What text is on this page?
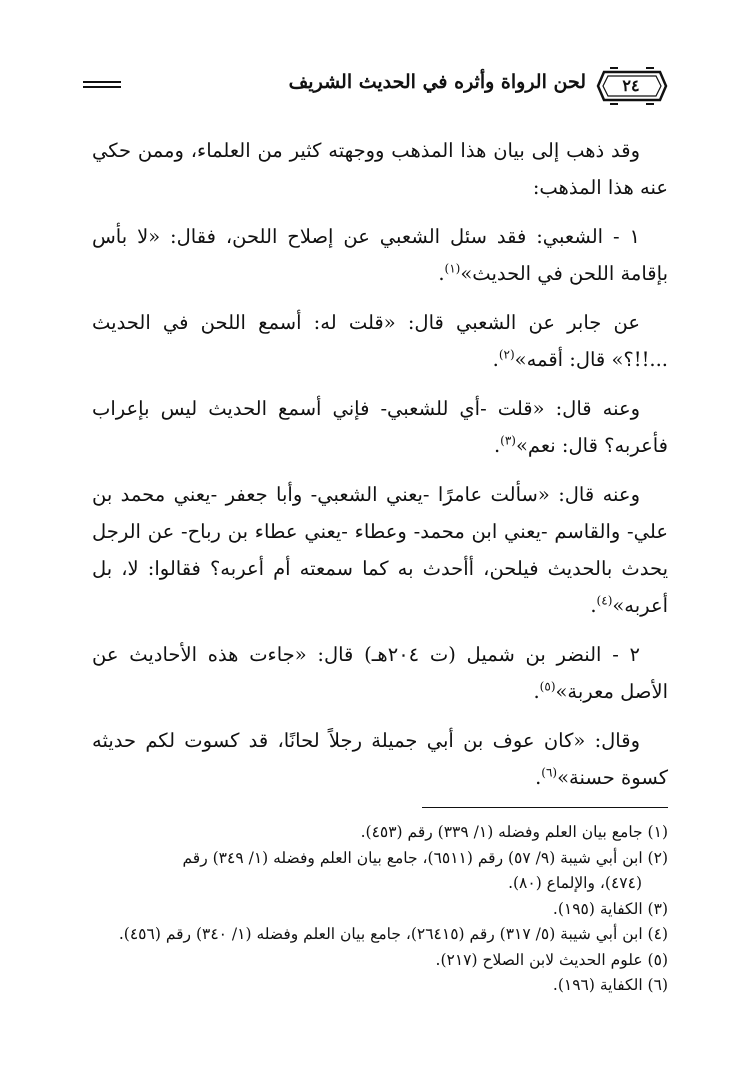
لحن الرواة وأثره في الحديث الشريف	٢٤

وقد ذهب إلى بيان هذا المذهب ووجهته كثير من العلماء، وممن حكي عنه هذا المذهب:

١ - الشعبي: فقد سئل الشعبي عن إصلاح اللحن، فقال: «لا بأس بإقامة اللحن في الحديث»$^{(١)}$.

عن جابر عن الشعبي قال: «قلت له: أسمع اللحن في الحديث ...!!؟» قال: أقمه»$^{(٢)}$.

وعنه قال: «قلت -أي للشعبي- فإني أسمع الحديث ليس بإعراب فأعربه؟ قال: نعم»$^{(٣)}$.

وعنه قال: «سألت عامرًا -يعني الشعبي- وأبا جعفر -يعني محمد بن علي- والقاسم -يعني ابن محمد- وعطاء -يعني عطاء بن رباح- عن الرجل يحدث بالحديث فيلحن، أأحدث به كما سمعته أم أعربه؟ فقالوا: لا، بل أعربه»$^{(٤)}$.

٢ - النضر بن شميل (ت ٢٠٤هـ) قال: «جاءت هذه الأحاديث عن الأصل معربة»$^{(٥)}$.

وقال: «كان عوف بن أبي جميلة رجلاً لحانًا، قد كسوت لكم حديثه كسوة حسنة»$^{(٦)}$.

(١) جامع بيان العلم وفضله (١/ ٣٣٩) رقم (٤٥٣).

(٢) ابن أبي شيبة (٩/ ٥٧) رقم (٦٥١١)، جامع بيان العلم وفضله (١/ ٣٤٩) رقم
(٤٧٤)، والإلماع (٨٠).

(٣) الكفاية (١٩٥).

(٤) ابن أبي شيبة (٥/ ٣١٧) رقم (٢٦٤١٥)، جامع بيان العلم وفضله (١/ ٣٤٠) رقم (٤٥٦).

(٥) علوم الحديث لابن الصلاح (٢١٧).

(٦) الكفاية (١٩٦).
